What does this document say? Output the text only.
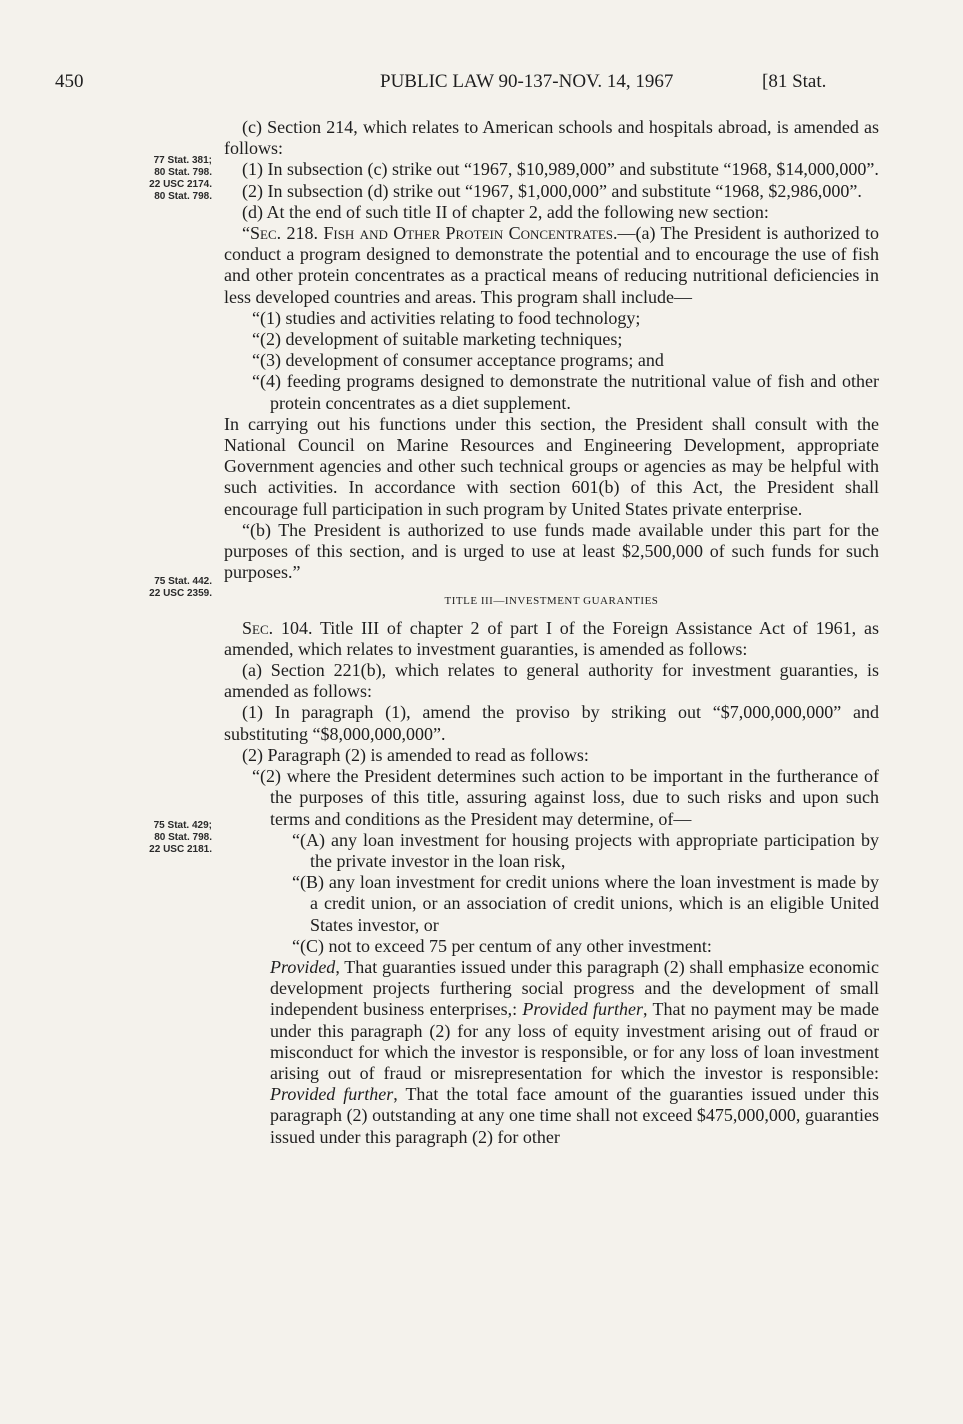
450	PUBLIC LAW 90-137-NOV. 14, 1967	[81 Stat.
77 Stat. 381;
80 Stat. 798.
22 USC 2174.
80 Stat. 798.
75 Stat. 442.
22 USC 2359.
75 Stat. 429;
80 Stat. 798.
22 USC 2181.

(c) Section 214, which relates to American schools and hospitals abroad, is amended as follows:

(1) In subsection (c) strike out “1967, $10,989,000” and substitute “1968, $14,000,000”.

(2) In subsection (d) strike out “1967, $1,000,000” and substitute “1968, $2,986,000”.

(d) At the end of such title II of chapter 2, add the following new section:

“Sec. 218. Fish and Other Protein Concentrates.—(a) The President is authorized to conduct a program designed to demonstrate the potential and to encourage the use of fish and other protein concentrates as a practical means of reducing nutritional deficiencies in less developed countries and areas. This program shall include—

“(1) studies and activities relating to food technology;

“(2) development of suitable marketing techniques;

“(3) development of consumer acceptance programs; and

“(4) feeding programs designed to demonstrate the nutritional value of fish and other protein concentrates as a diet supplement.

In carrying out his functions under this section, the President shall consult with the National Council on Marine Resources and Engineering Development, appropriate Government agencies and other such technical groups or agencies as may be helpful with such activities. In accordance with section 601(b) of this Act, the President shall encourage full participation in such program by United States private enterprise.

“(b) The President is authorized to use funds made available under this part for the purposes of this section, and is urged to use at least $2,500,000 of such funds for such purposes.”

TITLE III—INVESTMENT GUARANTIES

Sec. 104. Title III of chapter 2 of part I of the Foreign Assistance Act of 1961, as amended, which relates to investment guaranties, is amended as follows:

(a) Section 221(b), which relates to general authority for investment guaranties, is amended as follows:

(1) In paragraph (1), amend the proviso by striking out “$7,000,000,000” and substituting “$8,000,000,000”.

(2) Paragraph (2) is amended to read as follows:

“(2) where the President determines such action to be important in the furtherance of the purposes of this title, assuring against loss, due to such risks and upon such terms and conditions as the President may determine, of—

“(A) any loan investment for housing projects with appropriate participation by the private investor in the loan risk,

“(B) any loan investment for credit unions where the loan investment is made by a credit union, or an association of credit unions, which is an eligible United States investor, or

“(C) not to exceed 75 per centum of any other investment:

Provided, That guaranties issued under this paragraph (2) shall emphasize economic development projects furthering social progress and the development of small independent business enterprises,: Provided further, That no payment may be made under this paragraph (2) for any loss of equity investment arising out of fraud or misconduct for which the investor is responsible, or for any loss of loan investment arising out of fraud or misrepresentation for which the investor is responsible: Provided further, That the total face amount of the guaranties issued under this paragraph (2) outstanding at any one time shall not exceed $475,000,000, guaranties issued under this paragraph (2) for other
